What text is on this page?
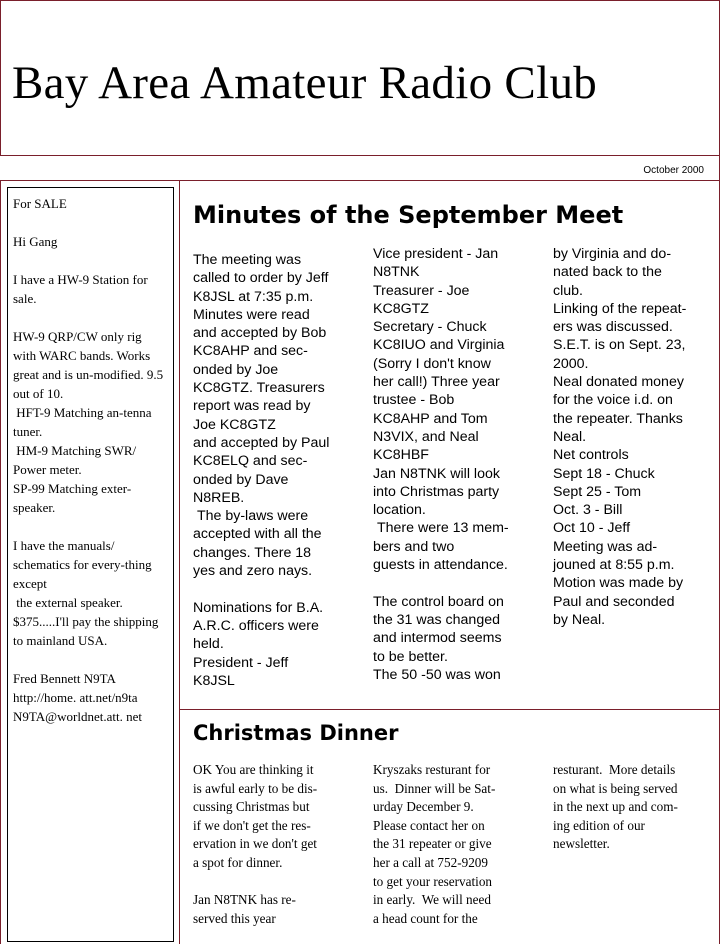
Bay Area Amateur Radio Club
October 2000

For SALE

Hi Gang

I have a HW-9 Station for sale.

HW-9 QRP/CW only rig with WARC bands. Works great and is un-modified. 9.5
out of 10.
HFT-9 Matching an-tenna tuner.
HM-9 Matching SWR/ Power meter.
SP-99 Matching exter-speaker.

I have the manuals/ schematics for every-thing except
the external speaker. $375.....I'll pay the shipping to mainland USA.

Fred Bennett N9TA
http://home. att.net/n9ta N9TA@worldnet.att. net

Minutes of the September Meet
The meeting was
called to order by Jeff
K8JSL at 7:35 p.m.
Minutes were read
and accepted by Bob
KC8AHP and sec-
onded by Joe
KC8GTZ. Treasurers
report was read by
Joe KC8GTZ
and accepted by Paul
KC8ELQ and sec-
onded by Dave
N8REB.
The by-laws were
accepted with all the
changes. There 18
yes and zero nays.

Nominations for B.A.
A.R.C. officers were
held.
President - Jeff
K8JSL
Vice president - Jan
N8TNK
Treasurer - Joe
KC8GTZ
Secretary - Chuck
KC8IUO and Virginia
(Sorry I don't know
her call!) Three year
trustee - Bob
KC8AHP and Tom
N3VIX, and Neal
KC8HBF
Jan N8TNK will look
into Christmas party
location.
There were 13 mem-
bers and two
guests in attendance.

The control board on
the 31 was changed
and intermod seems
to be better.
The 50 -50 was won
by Virginia and do-
nated back to the
club.
Linking of the repeat-
ers was discussed.
S.E.T. is on Sept. 23,
2000.
Neal donated money
for the voice i.d. on
the repeater. Thanks
Neal.
Net controls
Sept 18 - Chuck
Sept 25 - Tom
Oct. 3 - Bill
Oct 10 - Jeff
Meeting was ad-
jouned at 8:55 p.m.
Motion was made by
Paul and seconded
by Neal.
Christmas Dinner
OK You are thinking it
is awful early to be dis-
cussing Christmas but
if we don't get the res-
ervation in we don't get
a spot for dinner.

Jan N8TNK has re-
served this year
Kryszaks resturant for
us.  Dinner will be Sat-
urday December 9.
Please contact her on
the 31 repeater or give
her a call at 752-9209
to get your reservation
in early.  We will need
a head count for the
resturant.  More details
on what is being served
in the next up and com-
ing edition of our
newsletter.
